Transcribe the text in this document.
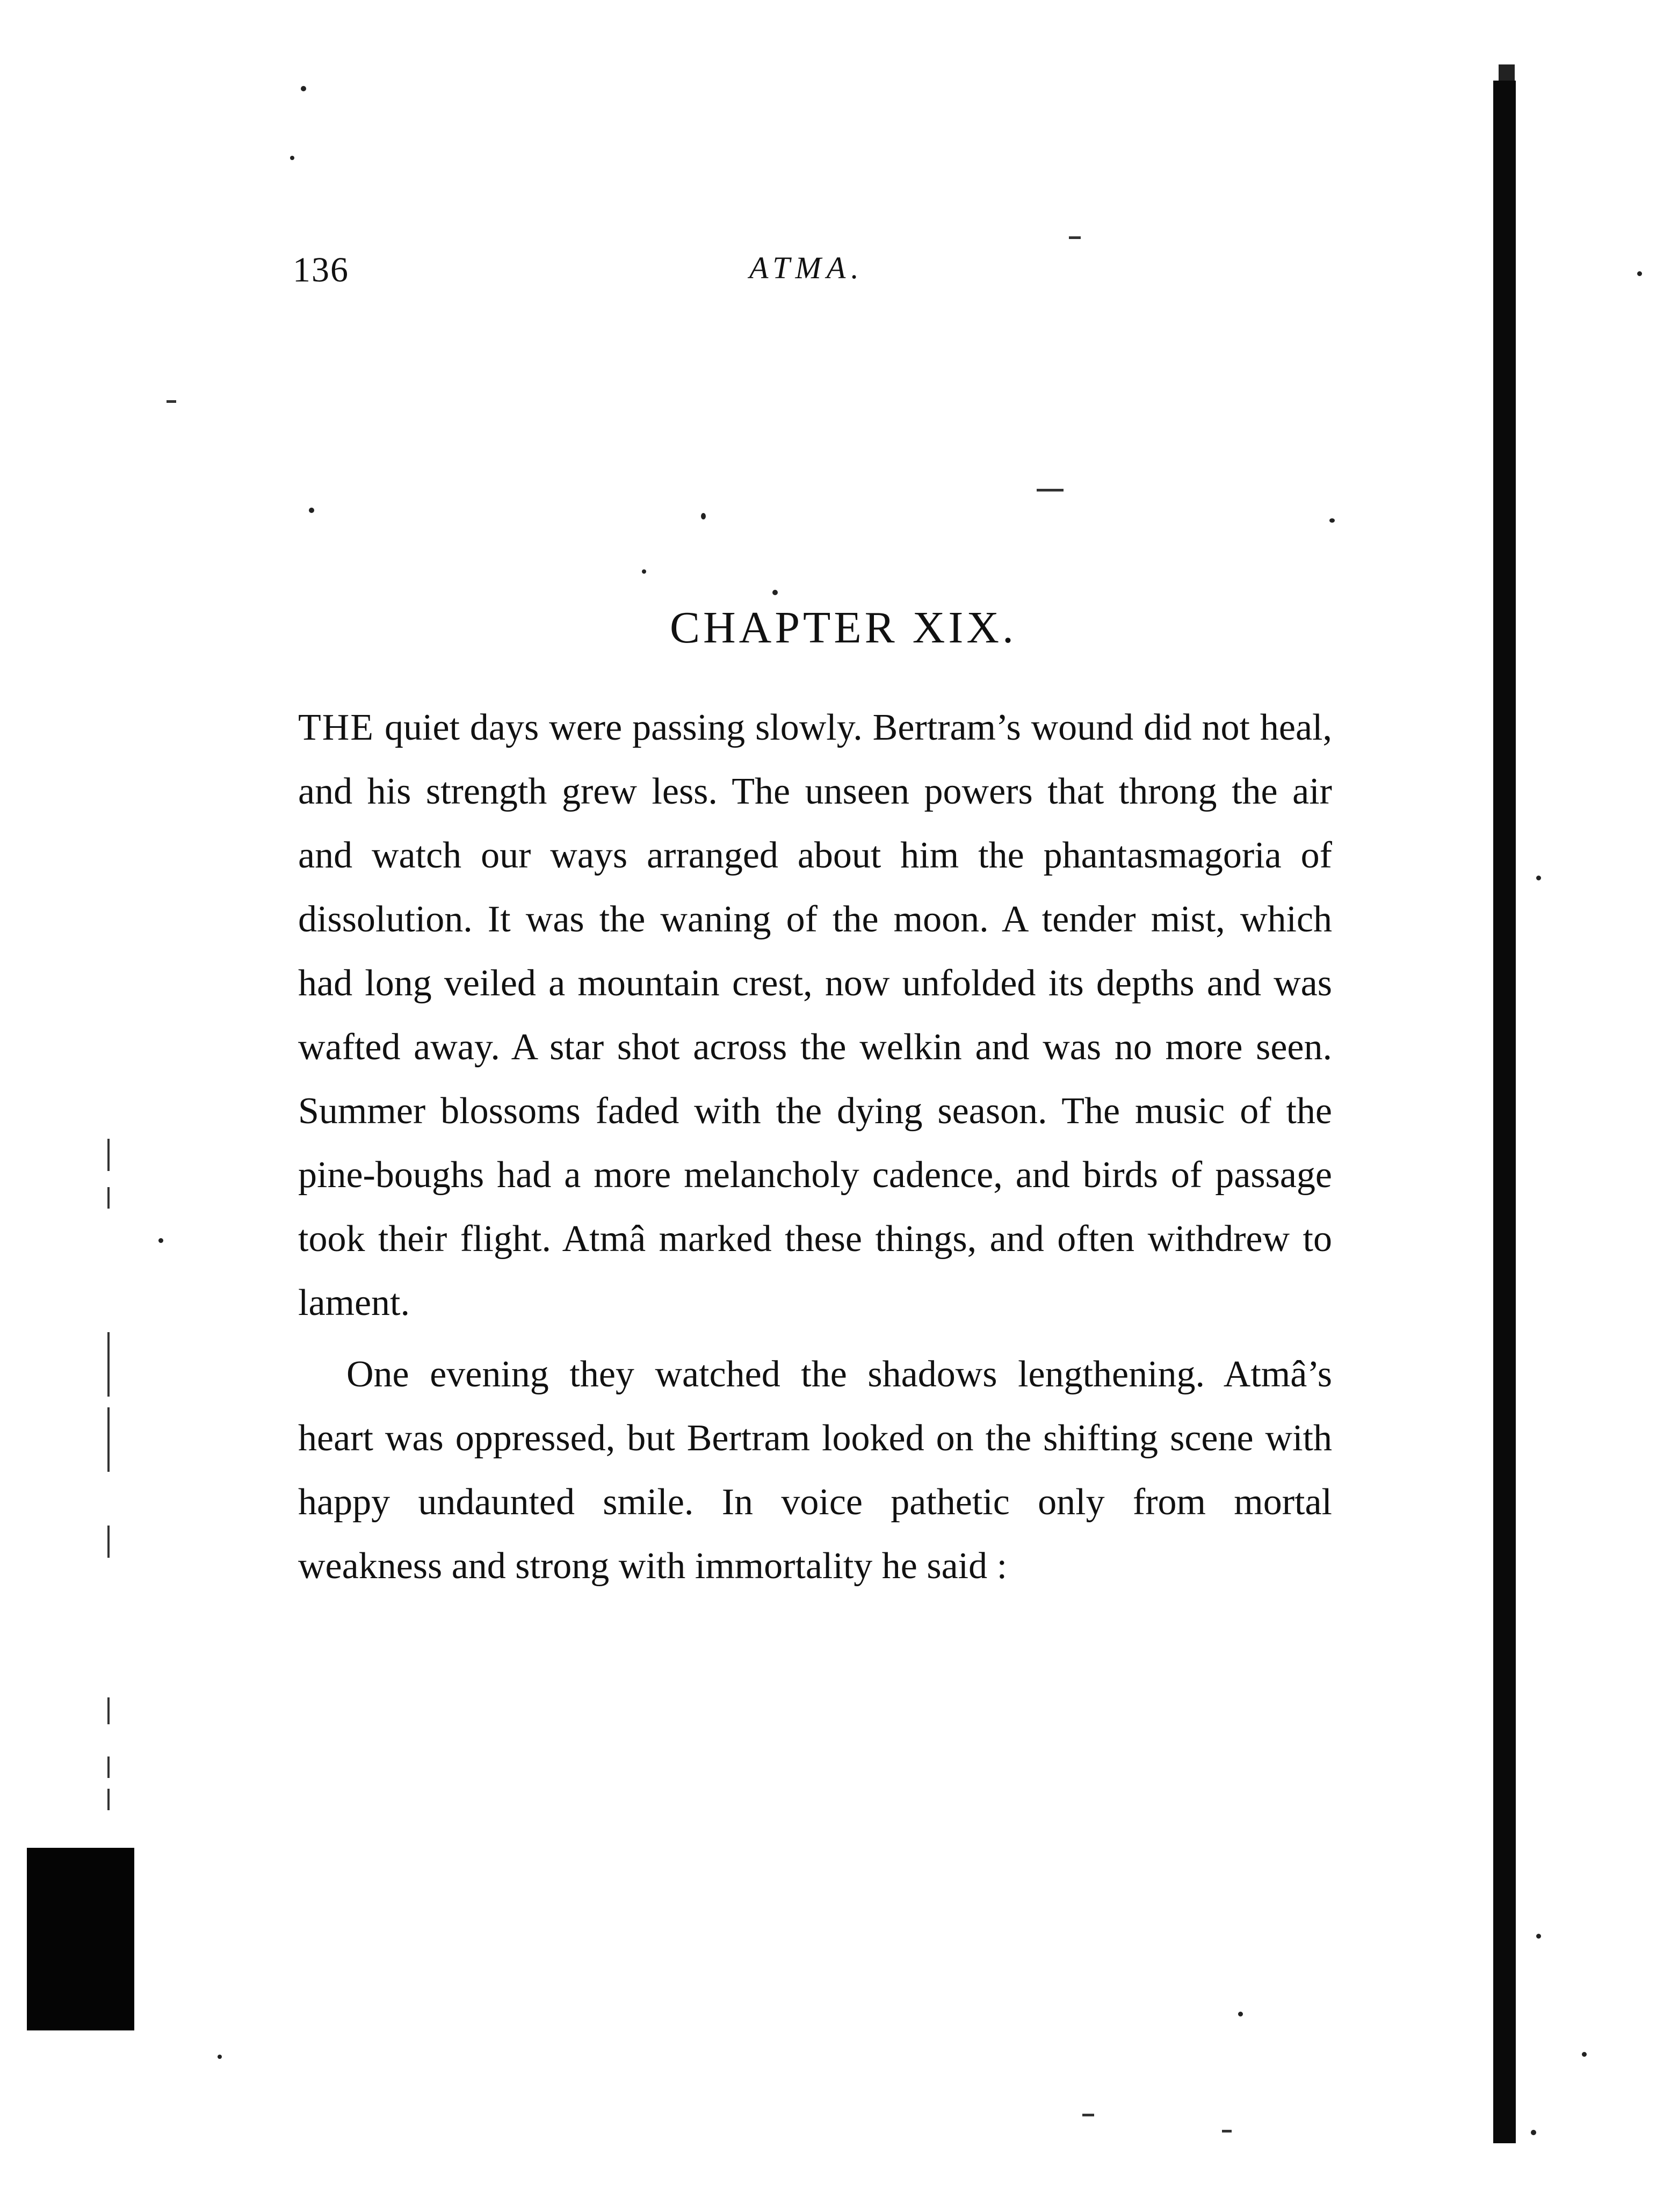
136	ATMA.
CHAPTER XIX.

THE quiet days were passing slowly. Bertram’s wound did not heal, and his strength grew less. The unseen powers that throng the air and watch our ways arranged about him the phantasmagoria of dissolution. It was the waning of the moon. A tender mist, which had long veiled a mountain crest, now unfolded its depths and was wafted away. A star shot across the welkin and was no more seen. Summer blossoms faded with the dying season. The music of the pine-boughs had a more melancholy cadence, and birds of passage took their flight. Atmâ marked these things, and often withdrew to lament.

One evening they watched the shadows lengthening. Atmâ’s heart was oppressed, but Bertram looked on the shifting scene with happy undaunted smile. In voice pathetic only from mortal weakness and strong with immortality he said :
